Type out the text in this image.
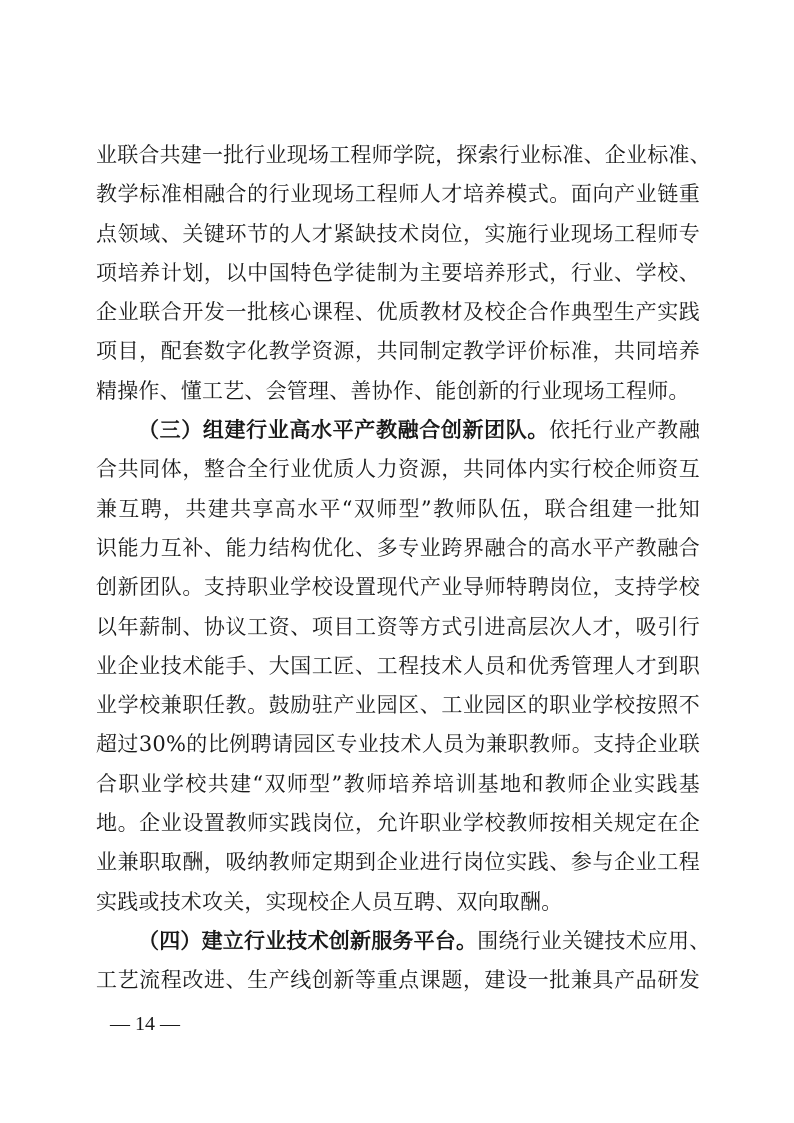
业联合共建一批行业现场工程师学院，探索行业标准、企业标准、
教学标准相融合的行业现场工程师人才培养模式。面向产业链重
点领域、关键环节的人才紧缺技术岗位，实施行业现场工程师专
项培养计划，以中国特色学徒制为主要培养形式，行业、学校、
企业联合开发一批核心课程、优质教材及校企合作典型生产实践
项目，配套数字化教学资源，共同制定教学评价标准，共同培养
精操作、懂工艺、会管理、善协作、能创新的行业现场工程师。
（三）组建行业高水平产教融合创新团队。依托行业产教融
合共同体，整合全行业优质人力资源，共同体内实行校企师资互
兼互聘，共建共享高水平“双师型”教师队伍，联合组建一批知
识能力互补、能力结构优化、多专业跨界融合的高水平产教融合
创新团队。支持职业学校设置现代产业导师特聘岗位，支持学校
以年薪制、协议工资、项目工资等方式引进高层次人才，吸引行
业企业技术能手、大国工匠、工程技术人员和优秀管理人才到职
业学校兼职任教。鼓励驻产业园区、工业园区的职业学校按照不
超过30%的比例聘请园区专业技术人员为兼职教师。支持企业联
合职业学校共建“双师型”教师培养培训基地和教师企业实践基
地。企业设置教师实践岗位，允许职业学校教师按相关规定在企
业兼职取酬，吸纳教师定期到企业进行岗位实践、参与企业工程
实践或技术攻关，实现校企人员互聘、双向取酬。
（四）建立行业技术创新服务平台。围绕行业关键技术应用、
工艺流程改进、生产线创新等重点课题，建设一批兼具产品研发
— 14 —
